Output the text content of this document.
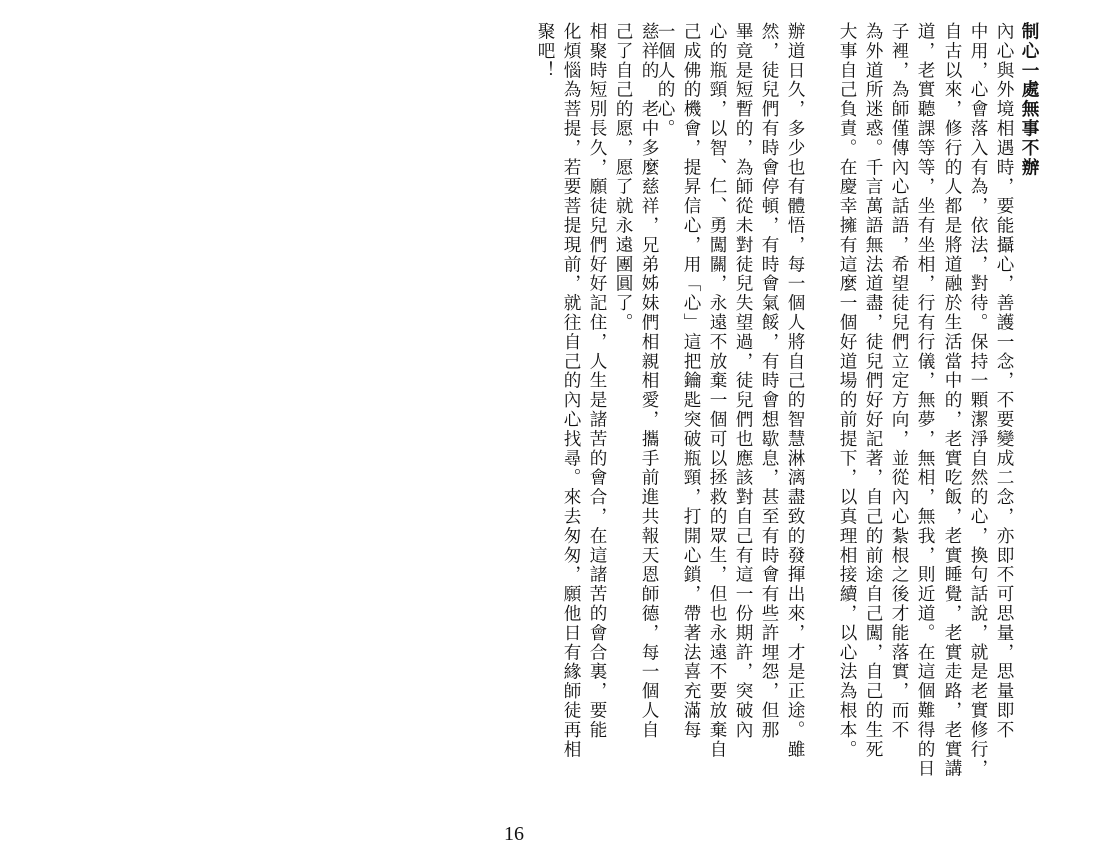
制心一處無事不辦
內心與外境相遇時，要能攝心，善護一念，不要變成二念，亦即不可思量，思量即不
中用，心會落入有為，依法，對待。保持一顆潔淨自然的心，換句話說，就是老實修行，
自古以來，修行的人都是將道融於生活當中的，老實吃飯，老實睡覺，老實走路，老實講
道，老實聽課等等，坐有坐相，行有行儀，無夢，無相，無我，則近道。在這個難得的日
子裡，為師僅傳內心話語，希望徒兒們立定方向，並從內心紮根之後才能落實，而不
為外道所迷惑。千言萬語無法道盡，徒兒們好好記著，自己的前途自己闖，自己的生死
大事自己負責。在慶幸擁有這麼一個好道場的前提下，以真理相接續，以心法為根本。
辦道日久，多少也有體悟，每一個人將自己的智慧淋漓盡致的發揮出來，才是正途。雖
然，徒兒們有時會停頓，有時會氣餒，有時會想歇息，甚至有時會有些許埋怨，但那
畢竟是短暫的，為師從未對徒兒失望過，徒兒們也應該對自己有這一份期許，突破內
心的瓶頸，以智、仁、勇闖關，永遠不放棄一個可以拯救的眾生，但也永遠不要放棄自
己成佛的機會，提昇信心，用「心」這把鑰匙突破瓶頸，打開心鎖，帶著法喜充滿每
一個人的心。
慈祥的　老中多麼慈祥，兄弟姊妹們相親相愛，攜手前進共報天恩師德，每一個人自
己了自己的愿，愿了就永遠團圓了。
相聚時短別長久，願徒兒們好好記住，人生是諸苦的會合，在這諸苦的會合裏，要能
化煩惱為菩提，若要菩提現前，就往自己的內心找尋。來去匆匆，願他日有緣師徒再相
聚吧！
16
